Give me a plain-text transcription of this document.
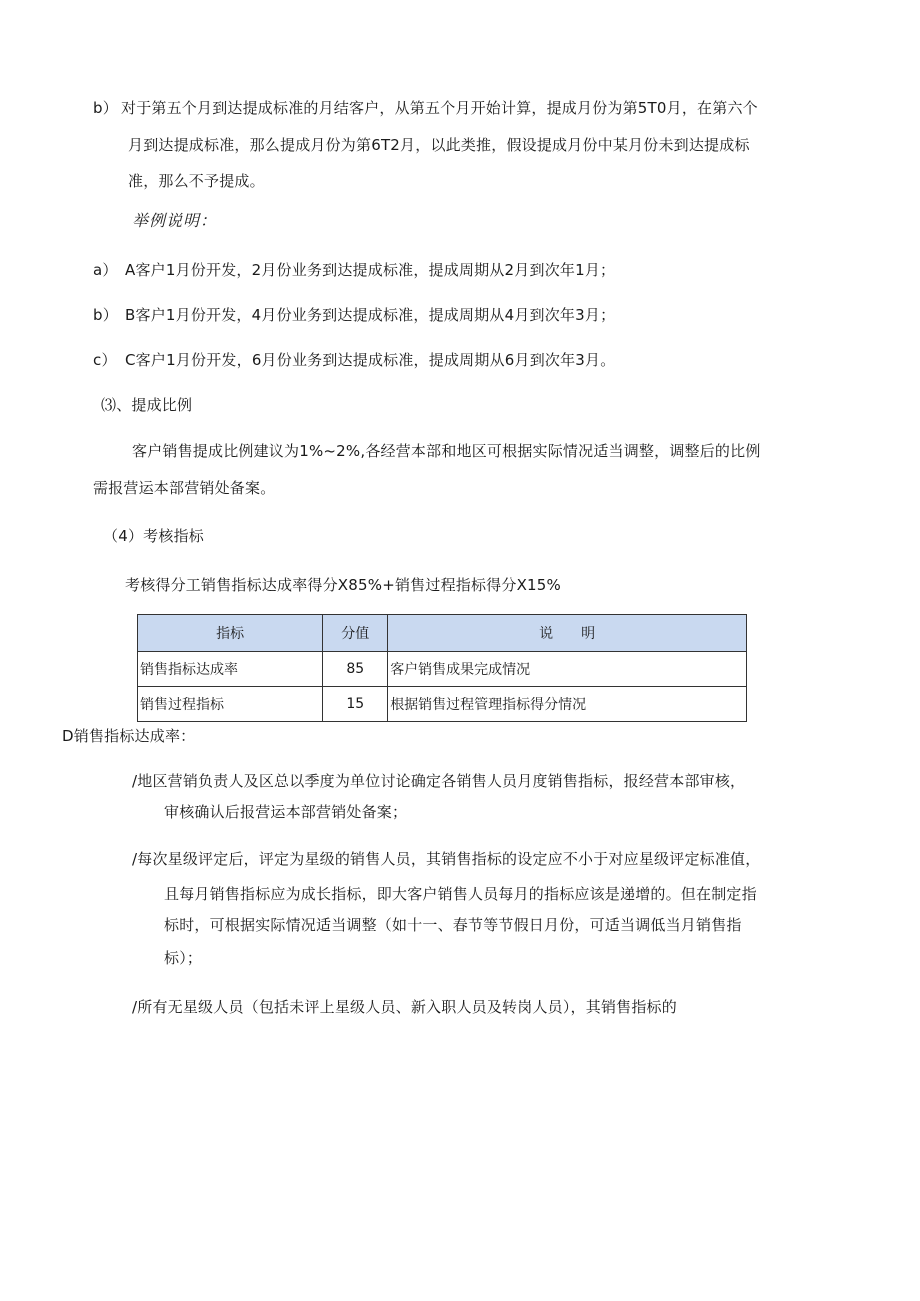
b） 对于第五个月到达提成标准的月结客户，从第五个月开始计算，提成月份为第5T0月，在第六个
月到达提成标准，那么提成月份为第6T2月，以此类推，假设提成月份中某月份未到达提成标
准，那么不予提成。
举例说明：
a） A客户1月份开发，2月份业务到达提成标准，提成周期从2月到次年1月；
b） B客户1月份开发，4月份业务到达提成标准，提成周期从4月到次年3月；
c） C客户1月份开发，6月份业务到达提成标准，提成周期从6月到次年3月。
⑶、提成比例
客户销售提成比例建议为1%~2%,各经营本部和地区可根据实际情况适当调整，调整后的比例
需报营运本部营销处备案。
（4）考核指标
考核得分工销售指标达成率得分X85%+销售过程指标得分X15%
指标	分值	说　　明
销售指标达成率	85	客户销售成果完成情况
销售过程指标	15	根据销售过程管理指标得分情况
D销售指标达成率：
/地区营销负责人及区总以季度为单位讨论确定各销售人员月度销售指标，报经营本部审核，
审核确认后报营运本部营销处备案；
/每次星级评定后，评定为星级的销售人员，其销售指标的设定应不小于对应星级评定标准值，
且每月销售指标应为成长指标，即大客户销售人员每月的指标应该是递增的。但在制定指
标时，可根据实际情况适当调整（如十一、春节等节假日月份，可适当调低当月销售指
标）；
/所有无星级人员（包括未评上星级人员、新入职人员及转岗人员），其销售指标的
